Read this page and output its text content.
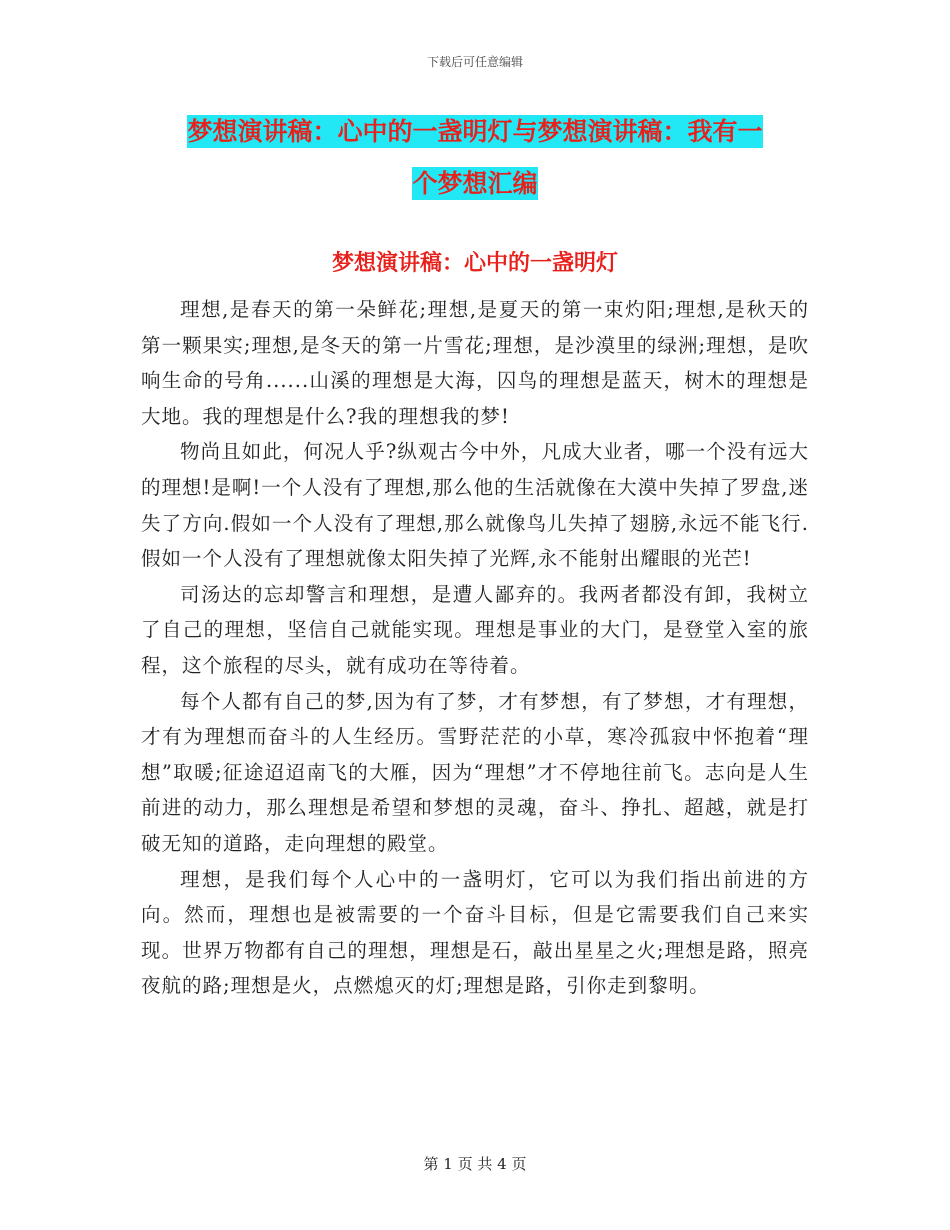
下载后可任意编辑
梦想演讲稿：心中的一盏明灯与梦想演讲稿：我有一
个梦想汇编
梦想演讲稿：心中的一盏明灯

理想,是春天的第一朵鲜花;理想,是夏天的第一束灼阳;理想,是秋天的第一颗果实;理想,是冬天的第一片雪花;理想，是沙漠里的绿洲;理想，是吹响生命的号角......山溪的理想是大海，囚鸟的理想是蓝天，树木的理想是大地。我的理想是什么?我的理想我的梦!

物尚且如此，何况人乎?纵观古今中外，凡成大业者，哪一个没有远大的理想!是啊!一个人没有了理想,那么他的生活就像在大漠中失掉了罗盘,迷失了方向.假如一个人没有了理想,那么就像鸟儿失掉了翅膀,永远不能飞行.假如一个人没有了理想就像太阳失掉了光辉,永不能射出耀眼的光芒!

司汤达的忘却警言和理想，是遭人鄙弃的。我两者都没有卸，我树立了自己的理想，坚信自己就能实现。理想是事业的大门，是登堂入室的旅程，这个旅程的尽头，就有成功在等待着。

每个人都有自己的梦,因为有了梦，才有梦想，有了梦想，才有理想，才有为理想而奋斗的人生经历。雪野茫茫的小草，寒冷孤寂中怀抱着“理想”取暖;征途迢迢南飞的大雁，因为“理想”才不停地往前飞。志向是人生前进的动力，那么理想是希望和梦想的灵魂，奋斗、挣扎、超越，就是打破无知的道路，走向理想的殿堂。

理想，是我们每个人心中的一盏明灯，它可以为我们指出前进的方向。然而，理想也是被需要的一个奋斗目标，但是它需要我们自己来实现。世界万物都有自己的理想，理想是石，敲出星星之火;理想是路，照亮夜航的路;理想是火，点燃熄灭的灯;理想是路，引你走到黎明。

第 1 页 共 4 页
